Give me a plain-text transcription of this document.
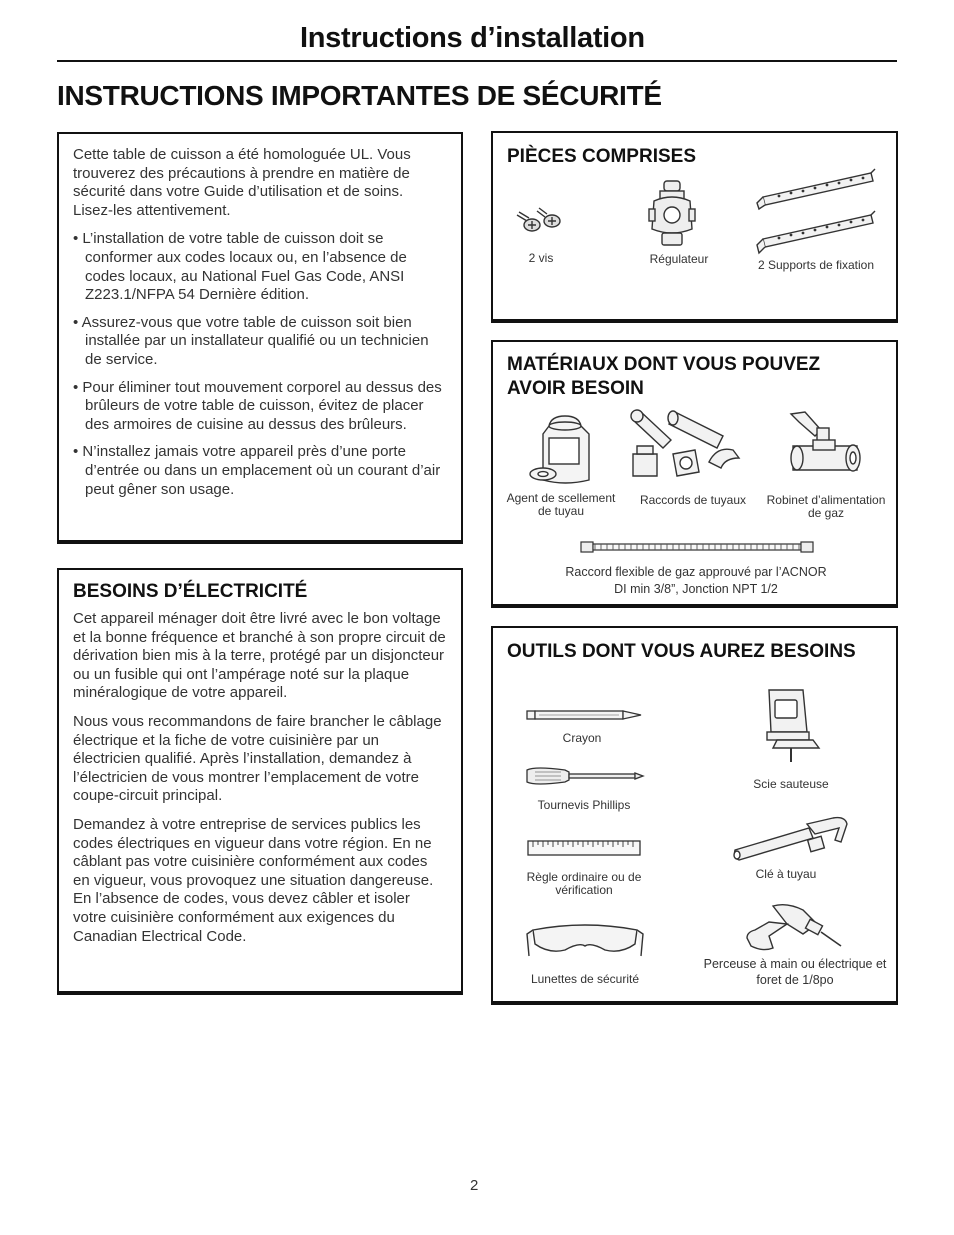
Instructions d’installation
INSTRUCTIONS IMPORTANTES DE SÉCURITÉ

Cette table de cuisson a été homologuée UL. Vous trouverez des précautions à prendre en matière de sécurité dans votre Guide d’utilisation et de soins. Lisez-les attentivement.

• L’installation de votre table de cuisson doit se conformer aux codes locaux ou, en l’absence de codes locaux, au National Fuel Gas Code, ANSI Z223.1/NFPA 54 Dernière édition.

• Assurez-vous que votre table de cuisson soit bien installée par un installateur qualifié ou un technicien de service.

• Pour éliminer tout mouvement corporel au dessus des brûleurs de votre table de cuisson, évitez de placer des armoires de cuisine au dessus des brûleurs.

• N’installez jamais votre appareil près d’une porte d’entrée ou dans un emplacement où un courant d’air peut gêner son usage.

BESOINS D’ÉLECTRICITÉ

Cet appareil ménager doit être livré avec le bon voltage et la bonne fréquence et branché à son propre circuit de dérivation bien mis à la terre, protégé par un disjoncteur ou un fusible qui ont l’ampérage noté sur la plaque minéralogique de votre appareil.

Nous vous recommandons de faire brancher le câblage électrique et la fiche de votre cuisinière par un électricien qualifié. Après l’installation, demandez à l’électricien de vous montrer l’emplacement de votre coupe-circuit principal.

Demandez à votre entreprise de services publics les codes électriques en vigueur dans votre région. En ne câblant pas votre cuisinière conformément aux codes en vigueur, vous provoquez une situation dangereuse. En l’absence de codes, vous devez câbler et isoler votre cuisinière conformément aux exigences du Canadian Electrical Code.

PIÈCES COMPRISES
2 vis	Régulateur	2 Supports de fixation
MATÉRIAUX DONT VOUS POUVEZ
AVOIR BESOIN
Agent de scellement de tuyau
Raccords de tuyaux	Robinet d’alimentation de gaz
Raccord flexible de gaz approuvé par l’ACNOR
DI min 3/8”, Jonction NPT 1/2
OUTILS DONT VOUS AUREZ BESOINS
Crayon
Tournevis Phillips
Règle ordinaire ou de vérification
Lunettes de sécurité
Scie sauteuse
Clé à tuyau
Perceuse à main ou électrique et foret de 1/8po
2
